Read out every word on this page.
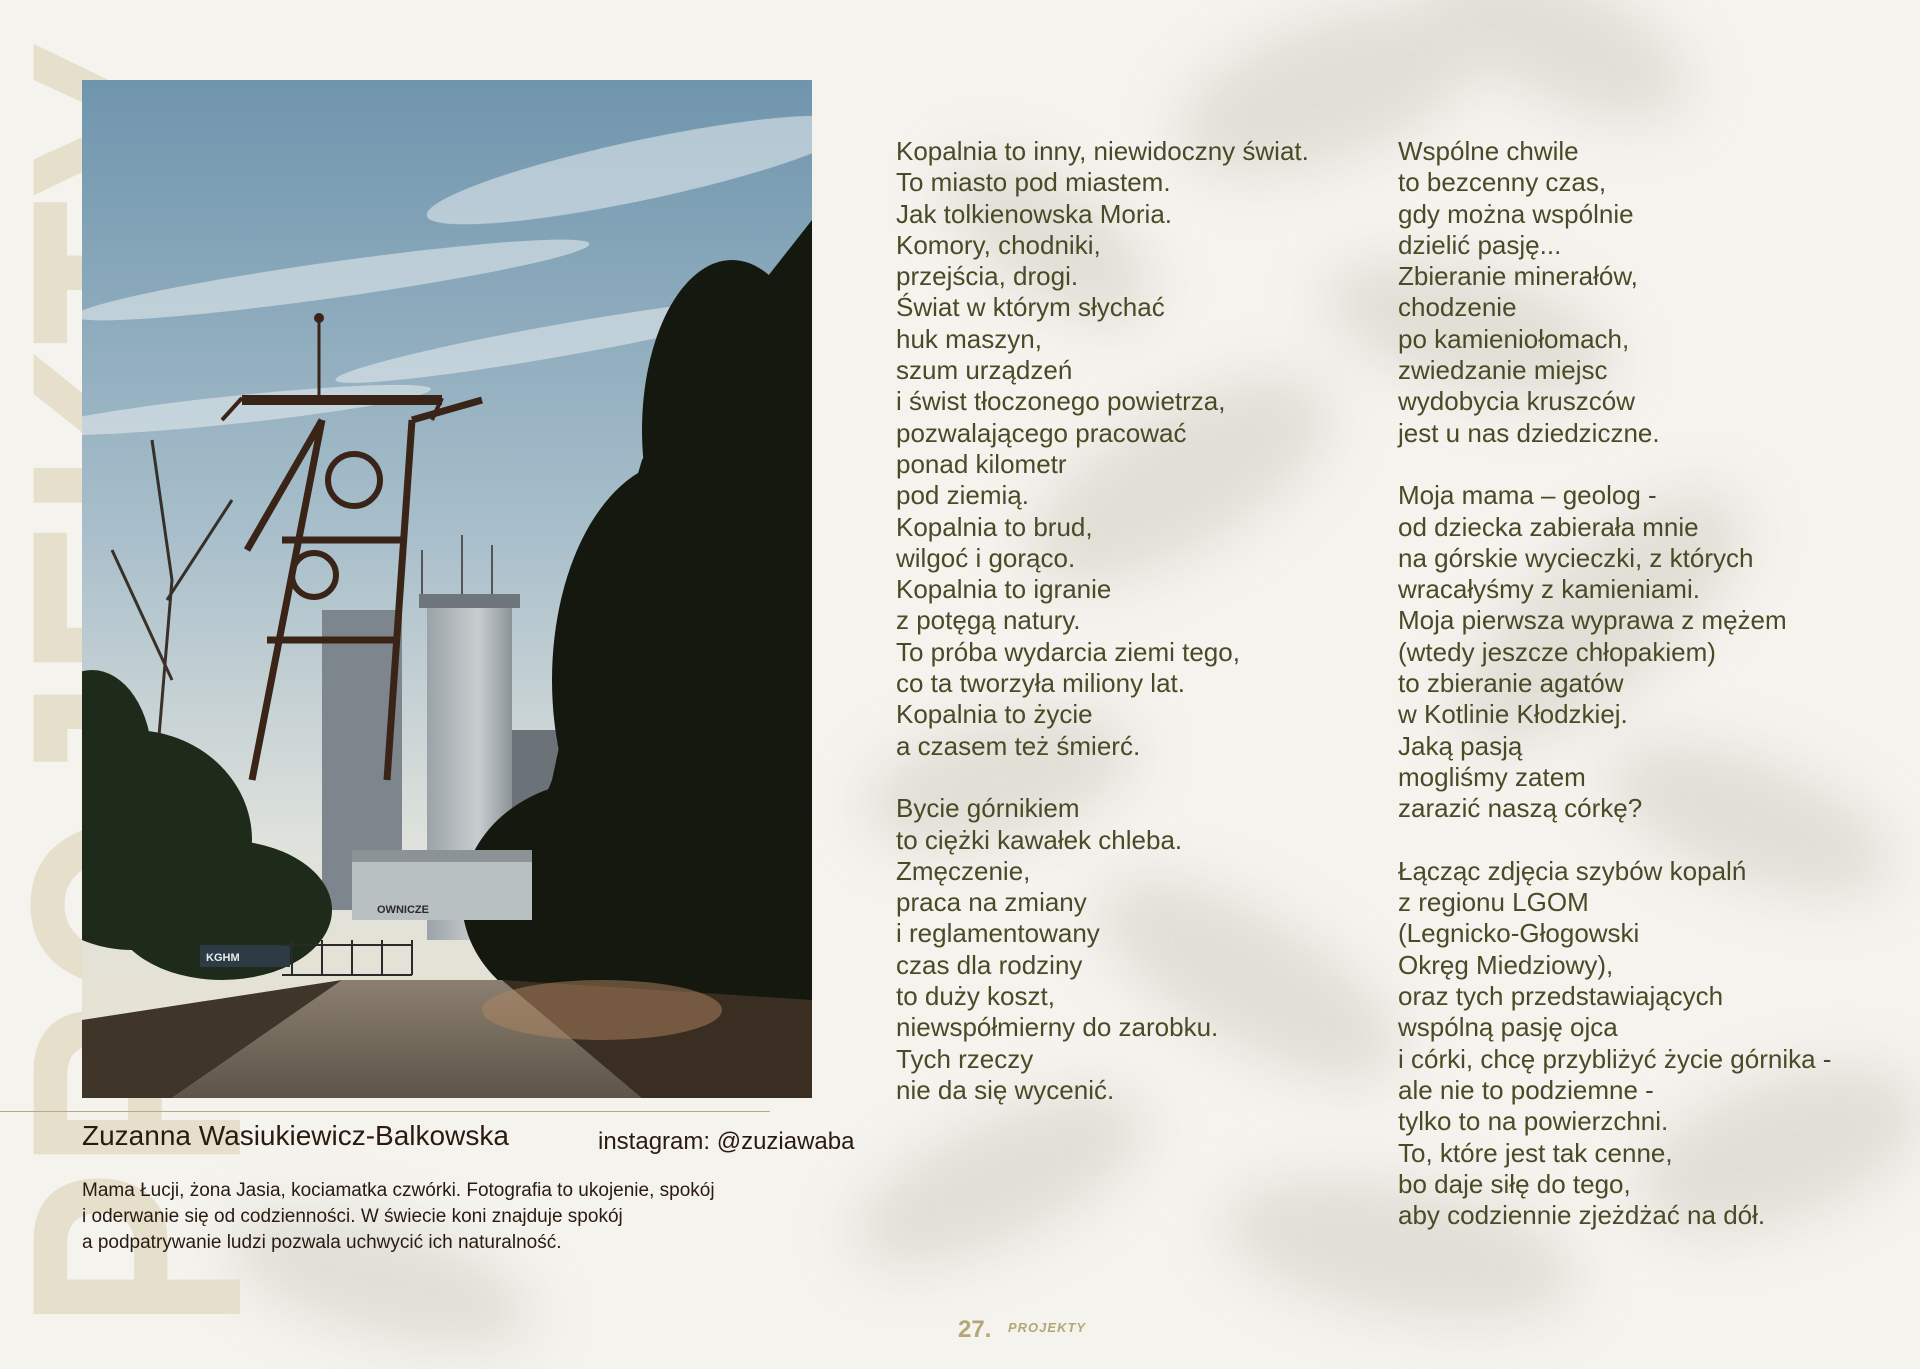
OWNICZE
KGHM
Zuzanna Wasiukiewicz-Balkowska	instagram: @zuziawaba
Mama Łucji, żona Jasia, kociamatka czwórki. Fotografia to ukojenie, spokój
i oderwanie się od codzienności. W świecie koni znajduje spokój
a podpatrywanie ludzi pozwala uchwycić ich naturalność.
Kopalnia to inny, niewidoczny świat.
To miasto pod miastem.
Jak tolkienowska Moria.
Komory, chodniki,
przejścia, drogi.
Świat w którym słychać
huk maszyn,
szum urządzeń
i świst tłoczonego powietrza,
pozwalającego pracować
ponad kilometr
pod ziemią.
Kopalnia to brud,
wilgoć i gorąco.
Kopalnia to igranie
z potęgą natury.
To próba wydarcia ziemi tego,
co ta tworzyła miliony lat.
Kopalnia to życie
a czasem też śmierć.
Bycie górnikiem
to ciężki kawałek chleba.
Zmęczenie,
praca na zmiany
i reglamentowany
czas dla rodziny
to duży koszt,
niewspółmierny do zarobku.
Tych rzeczy
nie da się wycenić.
Wspólne chwile
to bezcenny czas,
gdy można wspólnie
dzielić pasję...
Zbieranie minerałów,
chodzenie
po kamieniołomach,
zwiedzanie miejsc
wydobycia kruszców
jest u nas dziedziczne.
Moja mama – geolog -
od dziecka zabierała mnie
na górskie wycieczki, z których
wracałyśmy z kamieniami.
Moja pierwsza wyprawa z mężem
(wtedy jeszcze chłopakiem)
to zbieranie agatów
w Kotlinie Kłodzkiej.
Jaką pasją
mogliśmy zatem
zarazić naszą córkę?
Łącząc zdjęcia szybów kopalń
z regionu LGOM
(Legnicko-Głogowski
Okręg Miedziowy),
oraz tych przedstawiających
wspólną pasję ojca
i córki, chcę przybliżyć życie górnika -
ale nie to podziemne -
tylko to na powierzchni.
To, które jest tak cenne,
bo daje siłę do tego,
aby codziennie zjeżdżać na dół.
27. PROJEKTY
